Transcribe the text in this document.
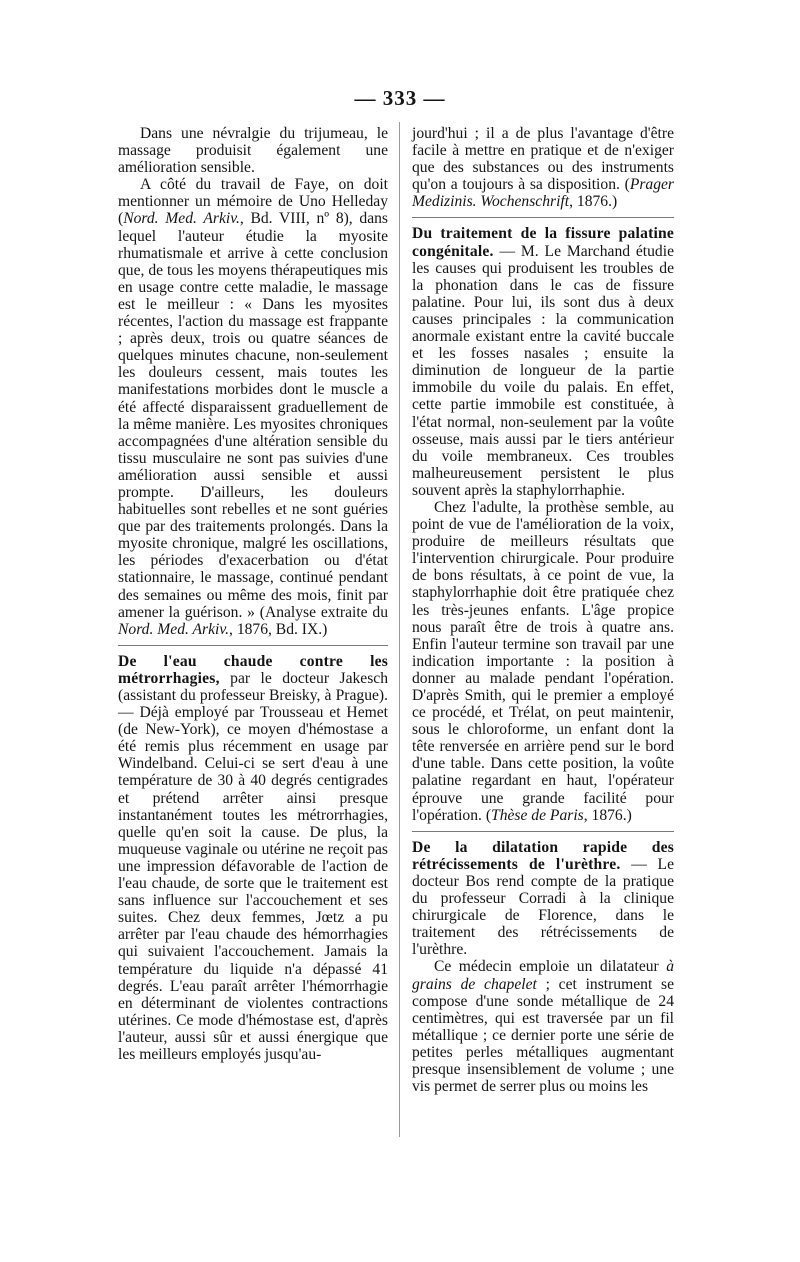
— 333 —

Dans une névralgie du trijumeau, le massage produisit également une amélioration sensible.

A côté du travail de Faye, on doit mentionner un mémoire de Uno Helleday (Nord. Med. Arkiv., Bd. VIII, nº 8), dans lequel l'auteur étudie la myosite rhumatismale et arrive à cette conclusion que, de tous les moyens thérapeutiques mis en usage contre cette maladie, le massage est le meilleur : « Dans les myosites récentes, l'action du massage est frappante ; après deux, trois ou quatre séances de quelques minutes chacune, non-seulement les douleurs cessent, mais toutes les manifestations morbides dont le muscle a été affecté disparaissent graduellement de la même manière. Les myosites chroniques accompagnées d'une altération sensible du tissu musculaire ne sont pas suivies d'une amélioration aussi sensible et aussi prompte. D'ailleurs, les douleurs habituelles sont rebelles et ne sont guéries que par des traitements prolongés. Dans la myosite chronique, malgré les oscillations, les périodes d'exacerbation ou d'état stationnaire, le massage, continué pendant des semaines ou même des mois, finit par amener la guérison. » (Analyse extraite du Nord. Med. Arkiv., 1876, Bd. IX.)

De l'eau chaude contre les métrorrhagies, par le docteur Jakesch (assistant du professeur Breisky, à Prague). — Déjà employé par Trousseau et Hemet (de New-York), ce moyen d'hémostase a été remis plus récemment en usage par Windelband. Celui-ci se sert d'eau à une température de 30 à 40 degrés centigrades et prétend arrêter ainsi presque instantanément toutes les métrorrhagies, quelle qu'en soit la cause. De plus, la muqueuse vaginale ou utérine ne reçoit pas une impression défavorable de l'action de l'eau chaude, de sorte que le traitement est sans influence sur l'accouchement et ses suites. Chez deux femmes, Jœtz a pu arrêter par l'eau chaude des hémorrhagies qui suivaient l'accouchement. Jamais la température du liquide n'a dépassé 41 degrés. L'eau paraît arrêter l'hémorrhagie en déterminant de violentes contractions utérines. Ce mode d'hémostase est, d'après l'auteur, aussi sûr et aussi énergique que les meilleurs employés jusqu'au-

jourd'hui ; il a de plus l'avantage d'être facile à mettre en pratique et de n'exiger que des substances ou des instruments qu'on a toujours à sa disposition. (Prager Medizinis. Wochenschrift, 1876.)

Du traitement de la fissure palatine congénitale. — M. Le Marchand étudie les causes qui produisent les troubles de la phonation dans le cas de fissure palatine. Pour lui, ils sont dus à deux causes principales : la communication anormale existant entre la cavité buccale et les fosses nasales ; ensuite la diminution de longueur de la partie immobile du voile du palais. En effet, cette partie immobile est constituée, à l'état normal, non-seulement par la voûte osseuse, mais aussi par le tiers antérieur du voile membraneux. Ces troubles malheureusement persistent le plus souvent après la staphylorrhaphie.

Chez l'adulte, la prothèse semble, au point de vue de l'amélioration de la voix, produire de meilleurs résultats que l'intervention chirurgicale. Pour produire de bons résultats, à ce point de vue, la staphylorrhaphie doit être pratiquée chez les très-jeunes enfants. L'âge propice nous paraît être de trois à quatre ans. Enfin l'auteur termine son travail par une indication importante : la position à donner au malade pendant l'opération. D'après Smith, qui le premier a employé ce procédé, et Trélat, on peut maintenir, sous le chloroforme, un enfant dont la tête renversée en arrière pend sur le bord d'une table. Dans cette position, la voûte palatine regardant en haut, l'opérateur éprouve une grande facilité pour l'opération. (Thèse de Paris, 1876.)

De la dilatation rapide des rétrécissements de l'urèthre. — Le docteur Bos rend compte de la pratique du professeur Corradi à la clinique chirurgicale de Florence, dans le traitement des rétrécissements de l'urèthre.

Ce médecin emploie un dilatateur à grains de chapelet ; cet instrument se compose d'une sonde métallique de 24 centimètres, qui est traversée par un fil métallique ; ce dernier porte une série de petites perles métalliques augmentant presque insensiblement de volume ; une vis permet de serrer plus ou moins les
